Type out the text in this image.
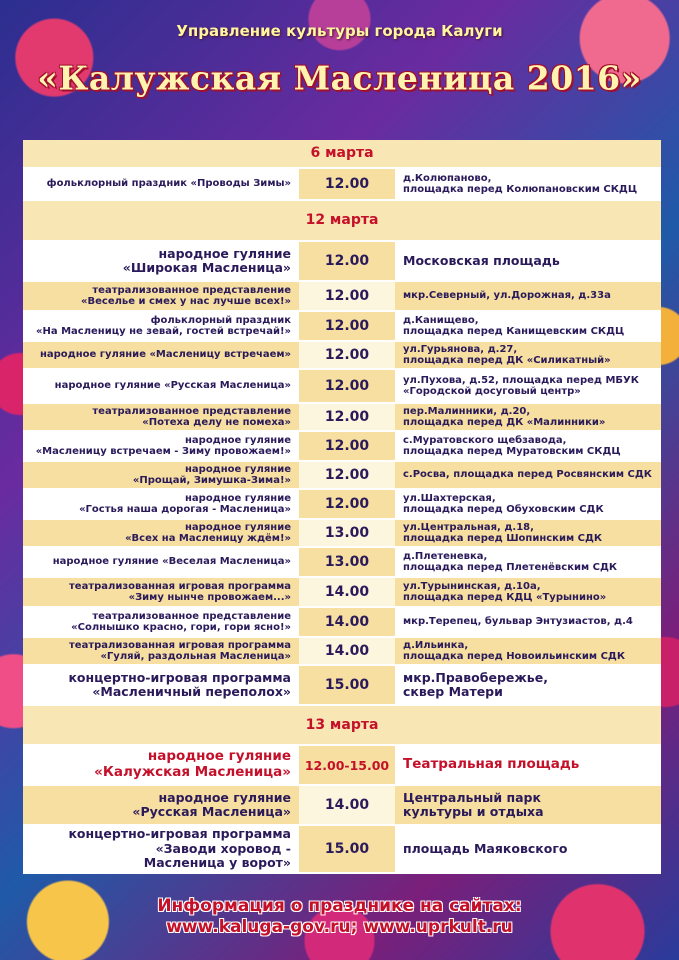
Управление культуры города Калуги
«Калужская Масленица 2016»
6 марта
фольклорный праздник «Проводы Зимы»	12.00	д.Колюпаново,
площадка перед Колюпановским СКДЦ
12 марта
народное гуляние
«Широкая Масленица»	12.00	Московская площадь
театрализованное представление
«Веселье и смех у нас лучше всех!»	12.00	мкр.Северный, ул.Дорожная, д.33а
фольклорный праздник
«На Масленицу не зевай, гостей встречай!»	12.00	д.Канищево,
площадка перед Канищевским СКДЦ
народное гуляние «Масленицу встречаем»	12.00	ул.Гурьянова, д.27,
площадка перед ДК «Силикатный»
народное гуляние «Русская Масленица»	12.00	ул.Пухова, д.52, площадка перед МБУК
«Городской досуговый центр»
театрализованное представление
«Потеха делу не помеха»	12.00	пер.Малинники, д.20,
площадка перед ДК «Малинники»
народное гуляние
«Масленицу встречаем - Зиму провожаем!»	12.00	с.Муратовского щебзавода,
площадка перед Муратовским СКДЦ
народное гуляние
«Прощай, Зимушка-Зима!»	12.00	с.Росва, площадка перед Росвянским СДК
народное гуляние
«Гостья наша дорогая - Масленица»	12.00	ул.Шахтерская,
площадка перед Обуховским СДК
народное гуляние
«Всех на Масленицу ждём!»	13.00	ул.Центральная, д.18,
площадка перед Шопинским СДК
народное гуляние «Веселая Масленица»	13.00	д.Плетеневка,
площадка перед Плетенёвским СДК
театрализованная игровая программа
«Зиму нынче провожаем...»	14.00	ул.Турынинская, д.10а,
площадка перед КДЦ «Турынино»
театрализованное представление
«Солнышко красно, гори, гори ясно!»	14.00	мкр.Терепец, бульвар Энтузиастов, д.4
театрализованная игровая программа
«Гуляй, раздольная Масленица»	14.00	д.Ильинка,
площадка перед Новоильинским СДК
концертно-игровая программа
«Масленичный переполох»	15.00	мкр.Правобережье,
сквер Матери
13 марта
народное гуляние
«Калужская Масленица»	12.00-15.00	Театральная площадь
народное гуляние
«Русская Масленица»	14.00	Центральный парк
культуры и отдыха
концертно-игровая программа
«Заводи хоровод -
Масленица у ворот»
15.00	площадь Маяковского
Информация о празднике на сайтах:
www.kaluga-gov.ru; www.uprkult.ru
